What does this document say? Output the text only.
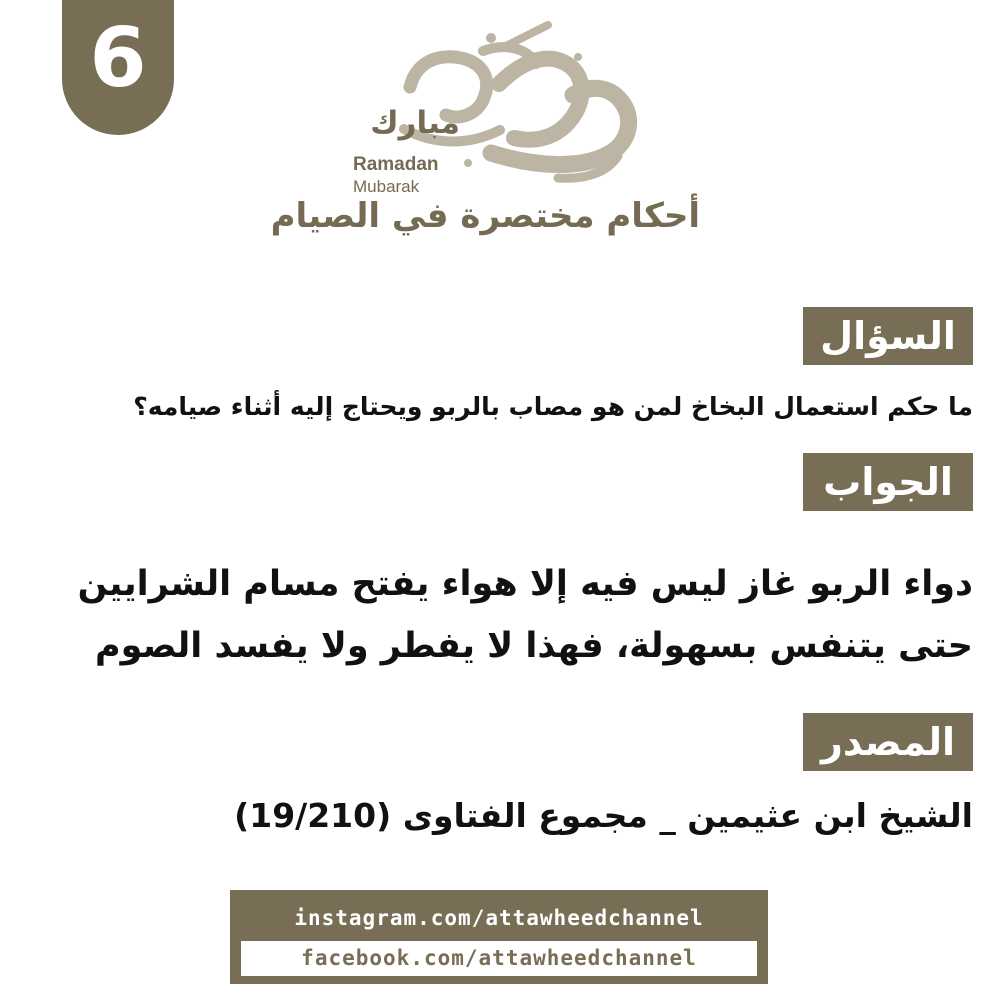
6
مبارك
Ramadan
Mubarak
أحكام مختصرة في الصيام
السؤال
ما حكم استعمال البخاخ لمن هو مصاب بالربو ويحتاج إليه أثناء صيامه؟
الجواب
دواء الربو غاز ليس فيه إلا هواء يفتح مسام الشرايين
حتى يتنفس بسهولة، فهذا لا يفطر ولا يفسد الصوم
المصدر
الشيخ ابن عثيمين _ مجموع الفتاوى (19/210)
instagram.com/attawheedchannel
facebook.com/attawheedchannel
